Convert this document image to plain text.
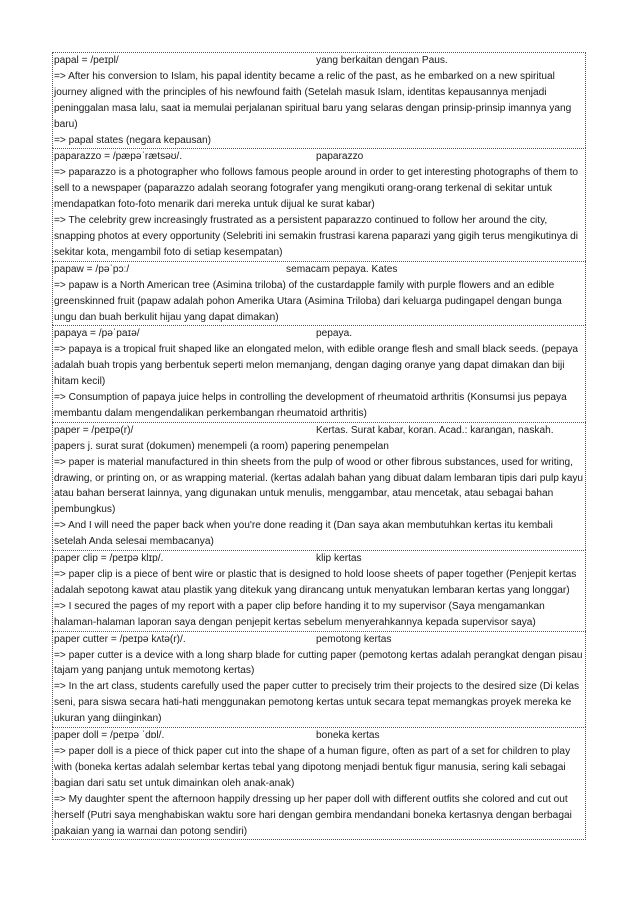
papal = /peɪpl/	yang berkaitan dengan Paus.
=> After his conversion to Islam, his papal identity became a relic of the past, as he embarked on a new spiritual journey aligned with the principles of his newfound faith (Setelah masuk Islam, identitas kepausannya menjadi peninggalan masa lalu, saat ia memulai perjalanan spiritual baru yang selaras dengan prinsip-prinsip imannya yang baru)
=> papal states (negara kepausan)
paparazzo = /pæpəˈrætsəʊ/.	paparazzo
=> paparazzo is a photographer who follows famous people around in order to get interesting photographs of them to sell to a newspaper (paparazzo adalah seorang fotografer yang mengikuti orang-orang terkenal di sekitar untuk mendapatkan foto-foto menarik dari mereka untuk dijual ke surat kabar)
=> The celebrity grew increasingly frustrated as a persistent paparazzo continued to follow her around the city, snapping photos at every opportunity (Selebriti ini semakin frustrasi karena paparazi yang gigih terus mengikutinya di sekitar kota, mengambil foto di setiap kesempatan)
papaw = /pəˈpɔː/	semacam pepaya. Kates
=> papaw is a North American tree (Asimina triloba) of the custardapple family with purple flowers and an edible greenskinned fruit (papaw adalah pohon Amerika Utara (Asimina Triloba) dari keluarga pudingapel dengan bunga ungu dan buah berkulit hijau yang dapat dimakan)
papaya = /pəˈpaɪə/	pepaya.
=> papaya is a tropical fruit shaped like an elongated melon, with edible orange flesh and small black seeds. (pepaya adalah buah tropis yang berbentuk seperti melon memanjang, dengan daging oranye yang dapat dimakan dan biji hitam kecil)
=> Consumption of papaya juice helps in controlling the development of rheumatoid arthritis (Konsumsi jus pepaya membantu dalam mengendalikan perkembangan rheumatoid arthritis)
paper = /peɪpə(r)/	Kertas. Surat kabar, koran. Acad.: karangan, naskah.
papers j. surat surat (dokumen) menempeli (a room) papering penempelan
=> paper is material manufactured in thin sheets from the pulp of wood or other fibrous substances, used for writing, drawing, or printing on, or as wrapping material. (kertas adalah bahan yang dibuat dalam lembaran tipis dari pulp kayu atau bahan berserat lainnya, yang digunakan untuk menulis, menggambar, atau mencetak, atau sebagai bahan pembungkus)
=> And I will need the paper back when you're done reading it (Dan saya akan membutuhkan kertas itu kembali setelah Anda selesai membacanya)
paper clip = /peɪpə klɪp/.	klip kertas
=> paper clip is a piece of bent wire or plastic that is designed to hold loose sheets of paper together (Penjepit kertas adalah sepotong kawat atau plastik yang ditekuk yang dirancang untuk menyatukan lembaran kertas yang longgar)
=> I secured the pages of my report with a paper clip before handing it to my supervisor (Saya mengamankan halaman-halaman laporan saya dengan penjepit kertas sebelum menyerahkannya kepada supervisor saya)
paper cutter = /peɪpə kʌtə(r)/.	pemotong kertas
=> paper cutter is a device with a long sharp blade for cutting paper (pemotong kertas adalah perangkat dengan pisau tajam yang panjang untuk memotong kertas)
=> In the art class, students carefully used the paper cutter to precisely trim their projects to the desired size (Di kelas seni, para siswa secara hati-hati menggunakan pemotong kertas untuk secara tepat memangkas proyek mereka ke ukuran yang diinginkan)
paper doll = /peɪpə ˈdɒl/.	boneka kertas
=> paper doll is a piece of thick paper cut into the shape of a human figure, often as part of a set for children to play with (boneka kertas adalah selembar kertas tebal yang dipotong menjadi bentuk figur manusia, sering kali sebagai bagian dari satu set untuk dimainkan oleh anak-anak)
=> My daughter spent the afternoon happily dressing up her paper doll with different outfits she colored and cut out herself (Putri saya menghabiskan waktu sore hari dengan gembira mendandani boneka kertasnya dengan berbagai pakaian yang ia warnai dan potong sendiri)
